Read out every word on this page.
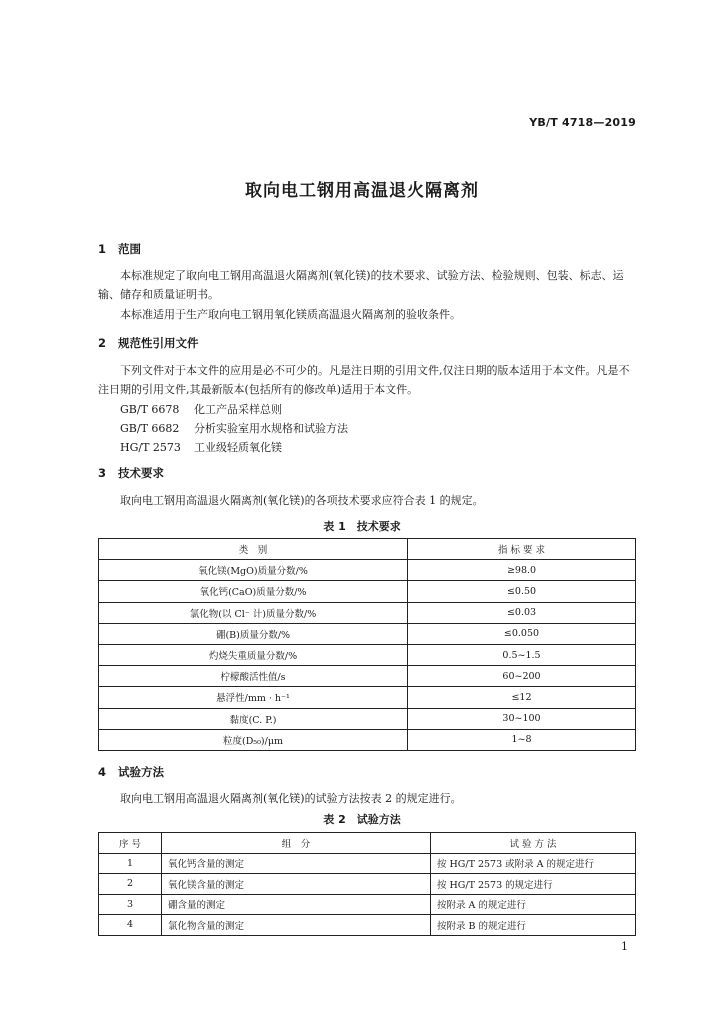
YB/T 4718—2019
取向电工钢用高温退火隔离剂
1 范围
本标准规定了取向电工钢用高温退火隔离剂(氧化镁)的技术要求、试验方法、检验规则、包装、标志、运输、储存和质量证明书。
本标准适用于生产取向电工钢用氧化镁质高温退火隔离剂的验收条件。
2 规范性引用文件
下列文件对于本文件的应用是必不可少的。凡是注日期的引用文件,仅注日期的版本适用于本文件。凡是不注日期的引用文件,其最新版本(包括所有的修改单)适用于本文件。
GB/T 6678 化工产品采样总则
GB/T 6682 分析实验室用水规格和试验方法
HG/T 2573 工业级轻质氧化镁
3 技术要求
取向电工钢用高温退火隔离剂(氧化镁)的各项技术要求应符合表 1 的规定。
表 1　技术要求
类　别	指 标 要 求
氧化镁(MgO)质量分数/%	≥98.0
氧化钙(CaO)质量分数/%	≤0.50
氯化物(以 Cl⁻ 计)质量分数/%	≤0.03
硼(B)质量分数/%	≤0.050
灼烧失重质量分数/%	0.5~1.5
柠檬酸活性值/s	60~200
悬浮性/mm · h⁻¹	≤12
黏度(C. P.)	30~100
粒度(D₅₀)/μm	1~8
4 试验方法
取向电工钢用高温退火隔离剂(氧化镁)的试验方法按表 2 的规定进行。
表 2　试验方法
序 号	组　分	试 验 方 法
1	氧化钙含量的测定	按 HG/T 2573 或附录 A 的规定进行
2	氧化镁含量的测定	按 HG/T 2573 的规定进行
3	硼含量的测定	按附录 A 的规定进行
4	氯化物含量的测定	按附录 B 的规定进行
1
